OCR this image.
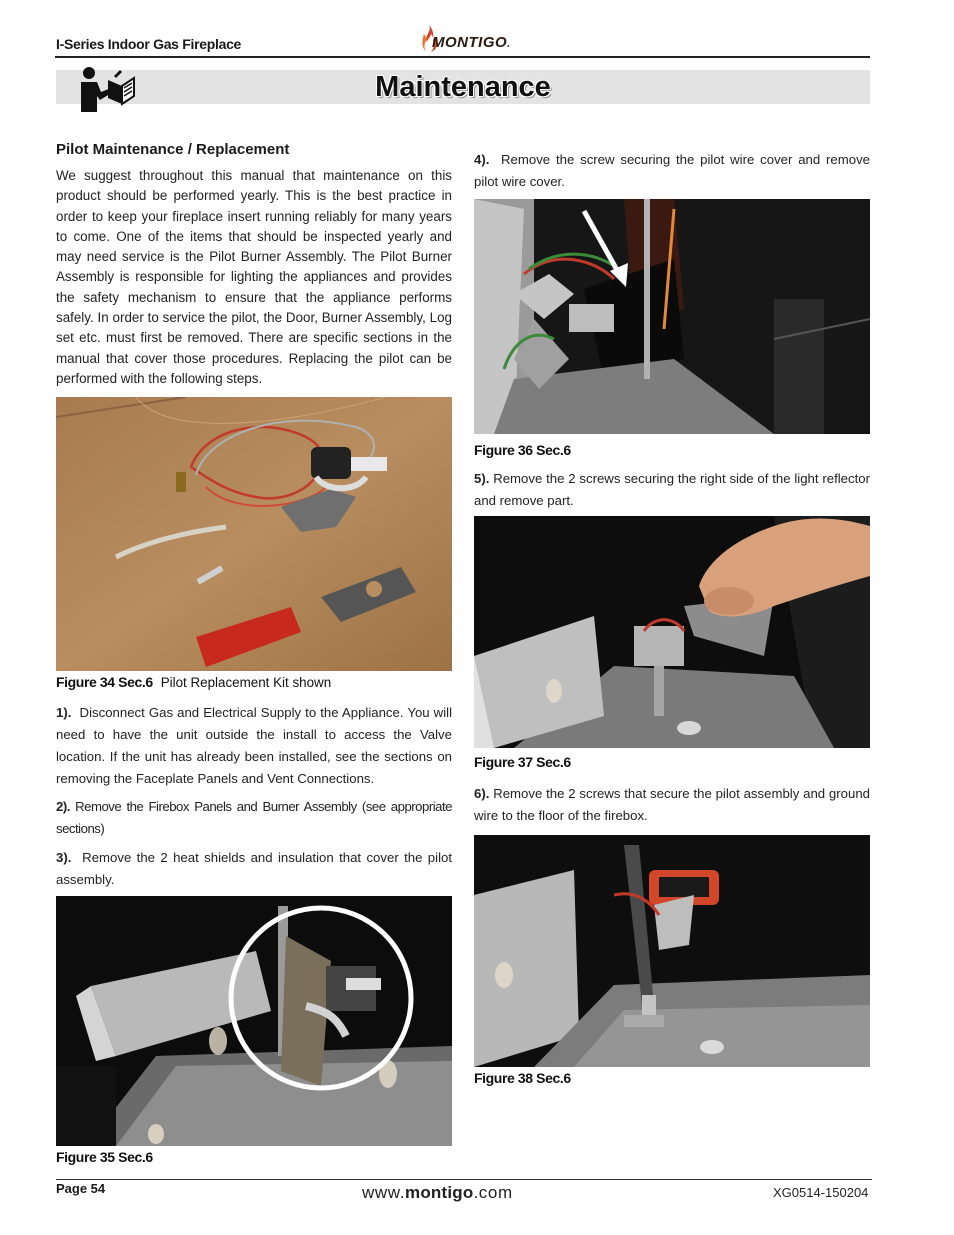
I-Series Indoor Gas Fireplace	MONTIGO.
Maintenance
Pilot Maintenance / Replacement
We suggest throughout this manual that maintenance on this product should be performed yearly. This is the best practice in order to keep your fireplace insert running reliably for many years to come. One of the items that should be inspected yearly and may need service is the Pilot Burner Assembly. The Pilot Burner Assembly is responsible for lighting the appliances and provides the safety mechanism to ensure that the appliance performs safely. In order to service the pilot, the Door, Burner Assembly, Log set etc. must first be removed. There are specific sections in the manual that cover those procedures. Replacing the pilot can be performed with the following steps.
Figure 34 Sec.6 Pilot Replacement Kit shown
1). Disconnect Gas and Electrical Supply to the Appliance. You will need to have the unit outside the install to access the Valve location. If the unit has already been installed, see the sections on removing the Faceplate Panels and Vent Connections.
2). Remove the Firebox Panels and Burner Assembly (see appropriate sections)
3). Remove the 2 heat shields and insulation that cover the pilot assembly.
Figure 35 Sec.6
4). Remove the screw securing the pilot wire cover and remove pilot wire cover.
Figure 36 Sec.6
5). Remove the 2 screws securing the right side of the light reflector and remove part.
Figure 37 Sec.6
6). Remove the 2 screws that secure the pilot assembly and ground wire to the floor of the firebox.
Figure 38 Sec.6
Page 54	www.montigo.com	XG0514-150204
